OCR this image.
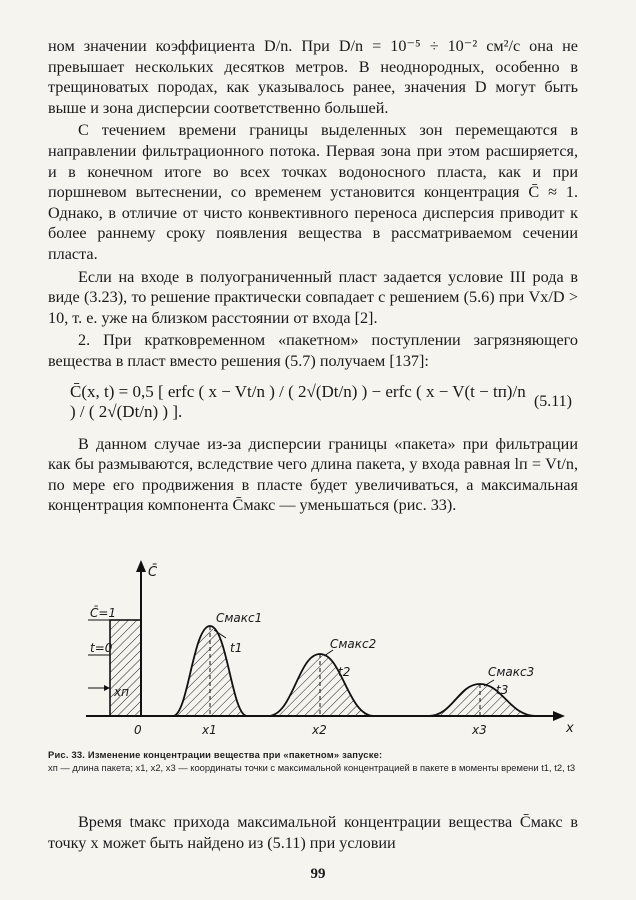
ном значении коэффициента D/n. При D/n = 10⁻⁵ ÷ 10⁻² см²/с она не превышает нескольких десятков метров. В неоднородных, особенно в трещиноватых породах, как указывалось ранее, значения D могут быть выше и зона дисперсии соответственно большей.

С течением времени границы выделенных зон перемещаются в направлении фильтрационного потока. Первая зона при этом расширяется, и в конечном итоге во всех точках водоносного пласта, как и при поршневом вытеснении, со временем установится концентрация C̄ ≈ 1. Однако, в отличие от чисто конвективного переноса дисперсия приводит к более раннему сроку появления вещества в рассматриваемом сечении пласта.

Если на входе в полуограниченный пласт задается условие III рода в виде (3.23), то решение практически совпадает с решением (5.6) при Vx/D > 10, т. е. уже на близком расстоянии от входа [2].

2. При кратковременном «пакетном» поступлении загрязняющего вещества в пласт вместо решения (5.7) получаем [137]:

C̄(x, t) = 0,5 [ erfc ( x − Vt/n ) / ( 2√(Dt/n) ) − erfc ( x − V(t − tп)/n ) / ( 2√(Dt/n) ) ].
(5.11)

В данном случае из-за дисперсии границы «пакета» при фильтрации как бы размываются, вследствие чего длина пакета, у входа равная lп = Vt/n, по мере его продвижения в пласте будет увеличиваться, а максимальная концентрация компонента C̄макс — уменьшаться (рис. 33).

C̄
x
C̄=1
t=0
xп
0
Cмакс1
t1
x1
Cмакс2
t2
x2
Cмакс3
t3
x3
Рис. 33. Изменение концентрации вещества при «пакетном» запуске:
xп — длина пакета; x1, x2, x3 — координаты точки с максимальной концентрацией в пакете в моменты времени t1, t2, t3

Время tмакс прихода максимальной концентрации вещества C̄макс в точку x может быть найдено из (5.11) при условии

99
